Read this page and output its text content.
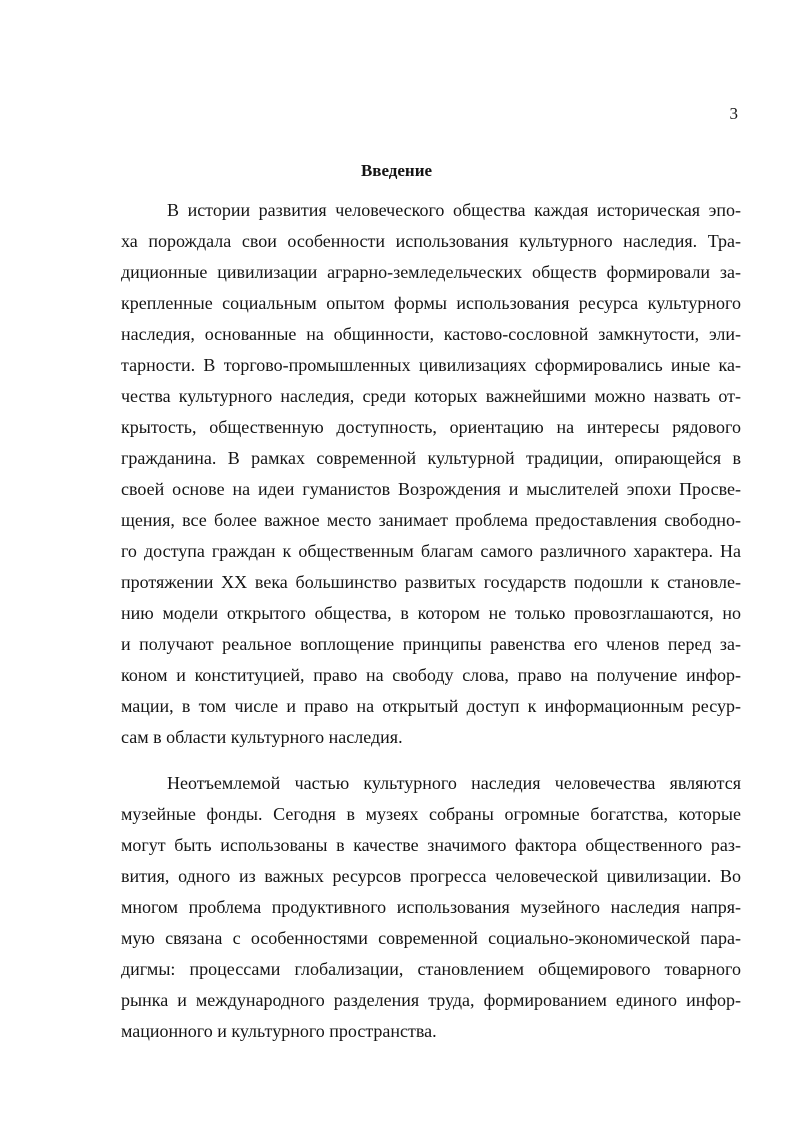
3
Введение
В истории развития человеческого общества каждая историческая эпо-
ха порождала свои особенности использования культурного наследия. Тра-
диционные цивилизации аграрно-земледельческих обществ формировали за-
крепленные социальным опытом формы использования ресурса культурного
наследия, основанные на общинности, кастово-сословной замкнутости, эли-
тарности. В торгово-промышленных цивилизациях сформировались иные ка-
чества культурного наследия, среди которых важнейшими можно назвать от-
крытость, общественную доступность, ориентацию на интересы рядового
гражданина. В рамках современной культурной традиции, опирающейся в
своей основе на идеи гуманистов Возрождения и мыслителей эпохи Просве-
щения, все более важное место занимает проблема предоставления свободно-
го доступа граждан к общественным благам самого различного характера. На
протяжении XX века большинство развитых государств подошли к становле-
нию модели открытого общества, в котором не только провозглашаются, но
и получают реальное воплощение принципы равенства его членов перед за-
коном и конституцией, право на свободу слова, право на получение инфор-
мации, в том числе и право на открытый доступ к информационным ресур-
сам в области культурного наследия.
Неотъемлемой частью культурного наследия человечества являются
музейные фонды. Сегодня в музеях собраны огромные богатства, которые
могут быть использованы в качестве значимого фактора общественного раз-
вития, одного из важных ресурсов прогресса человеческой цивилизации. Во
многом проблема продуктивного использования музейного наследия напря-
мую связана с особенностями современной социально-экономической пара-
дигмы: процессами глобализации, становлением общемирового товарного
рынка и международного разделения труда, формированием единого инфор-
мационного и культурного пространства.
